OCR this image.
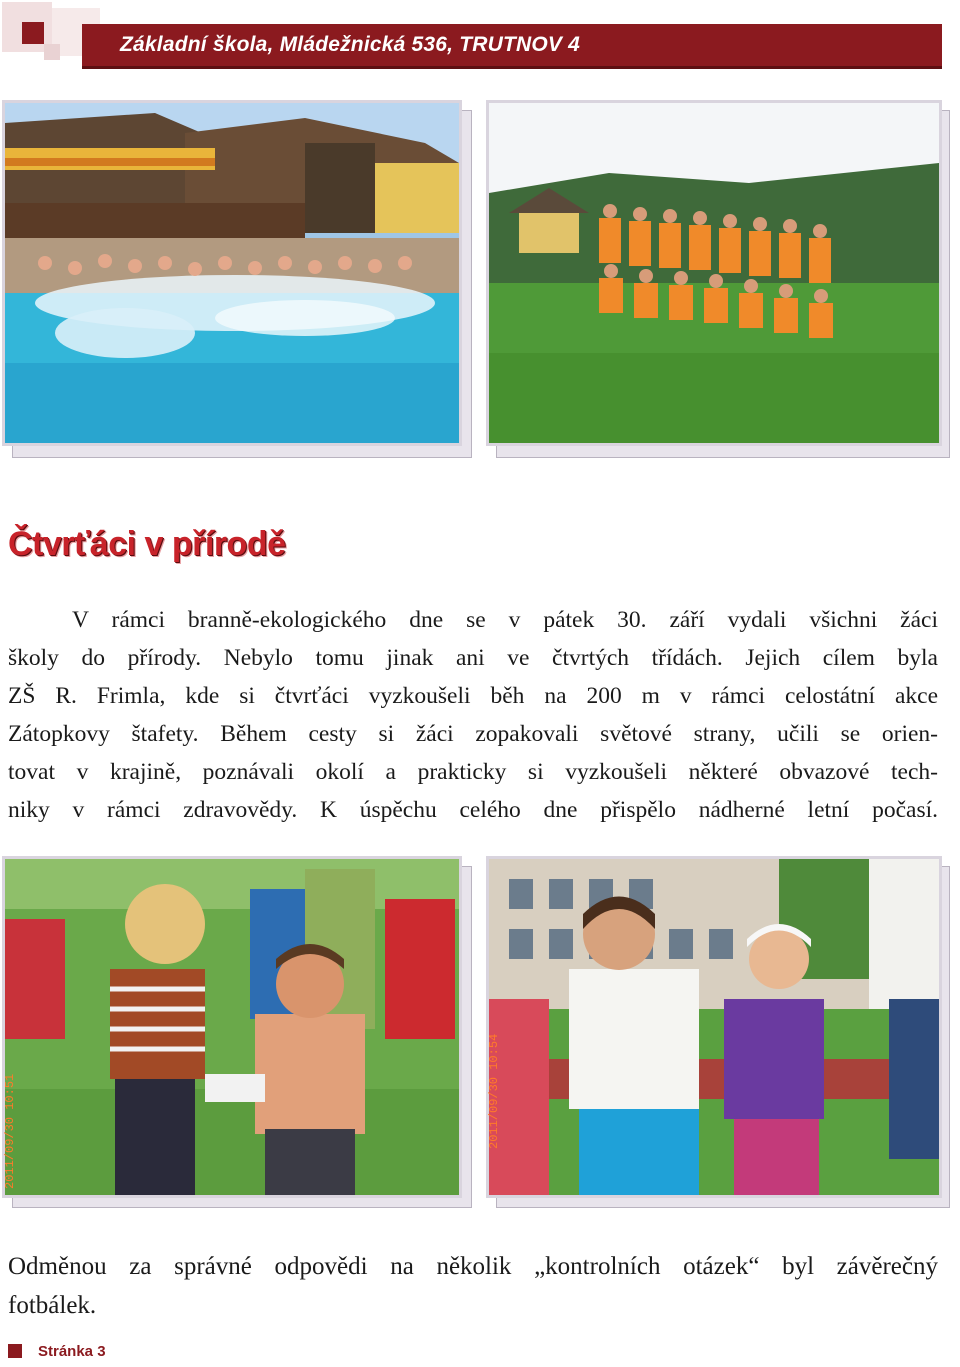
Základní škola, Mládežnická 536, TRUTNOV 4
Čtvrťáci v přírodě

V rámci branně-ekologického dne se v pátek 30. září vydali všichni žáci

školy do přírody. Nebylo tomu jinak ani ve čtvrtých třídách. Jejich cílem byla

ZŠ R. Frimla, kde si čtvrťáci vyzkoušeli běh na 200 m v rámci celostátní akce

Zátopkovy štafety. Během cesty si žáci zopakovali světové strany, učili se orien-

tovat v krajině, poznávali okolí a prakticky si vyzkoušeli některé obvazové tech-

niky v rámci zdravovědy. K úspěchu celého dne přispělo nádherné letní počasí.

2011/09/30 10:51	2011/09/30 10:54

Odměnou za správné odpovědi na několik „kontrolních otázek“ byl závěrečný

fotbálek.

Stránka 3
